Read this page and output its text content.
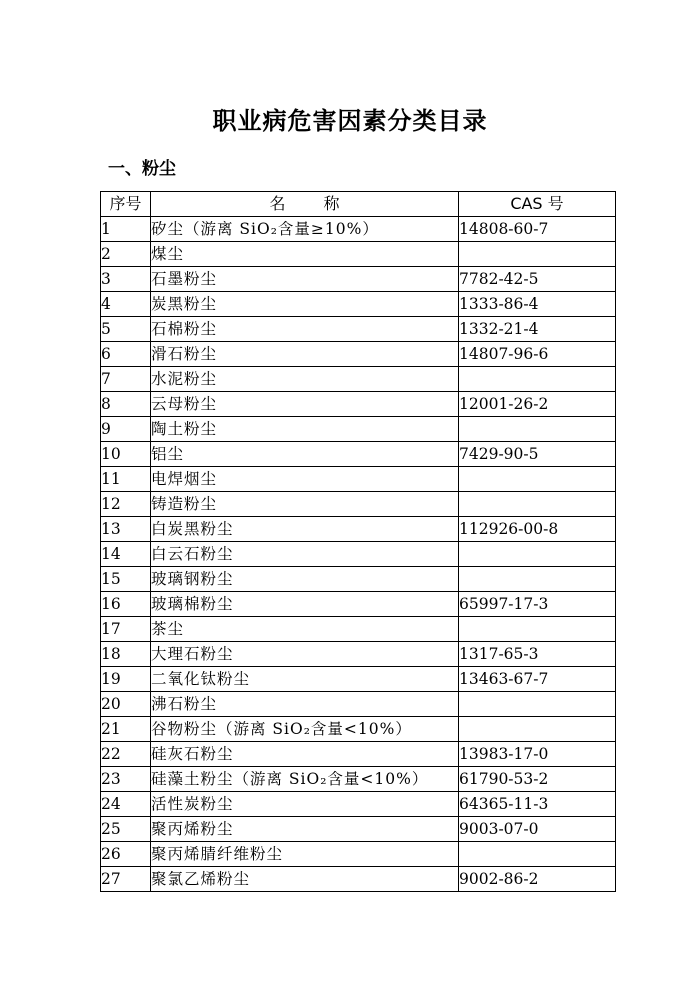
职业病危害因素分类目录
一、粉尘
序号	名称	CAS 号
1	矽尘（游离 SiO₂含量≥10%）	14808-60-7
2	煤尘	
3	石墨粉尘	7782-42-5
4	炭黑粉尘	1333-86-4
5	石棉粉尘	1332-21-4
6	滑石粉尘	14807-96-6
7	水泥粉尘	
8	云母粉尘	12001-26-2
9	陶土粉尘	
10	铝尘	7429-90-5
11	电焊烟尘	
12	铸造粉尘	
13	白炭黑粉尘	112926-00-8
14	白云石粉尘	
15	玻璃钢粉尘	
16	玻璃棉粉尘	65997-17-3
17	茶尘	
18	大理石粉尘	1317-65-3
19	二氧化钛粉尘	13463-67-7
20	沸石粉尘	
21	谷物粉尘（游离 SiO₂含量<10%）	
22	硅灰石粉尘	13983-17-0
23	硅藻土粉尘（游离 SiO₂含量<10%）	61790-53-2
24	活性炭粉尘	64365-11-3
25	聚丙烯粉尘	9003-07-0
26	聚丙烯腈纤维粉尘	
27	聚氯乙烯粉尘	9002-86-2
